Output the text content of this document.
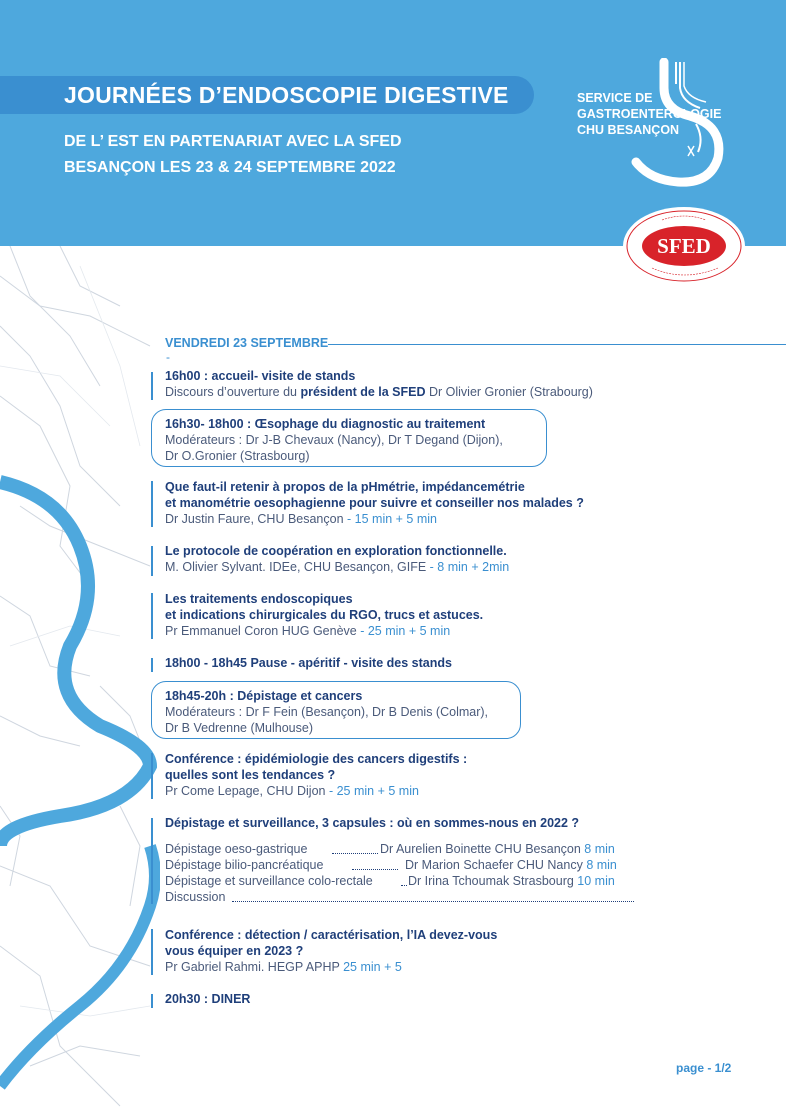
JOURNÉES D’ENDOSCOPIE DIGESTIVE
DE L’ EST EN PARTENARIAT AVEC LA SFED
BESANÇON LES 23 & 24 SEPTEMBRE 2022
SERVICE DE
GASTROENTEROLOGIE
CHU BESANÇON
SFED
VENDREDI 23 SEPTEMBRE
-
16h00 : accueil- visite de stands
Discours d’ouverture du président de la SFED Dr Olivier Gronier (Strabourg)
16h30- 18h00 : Œsophage du diagnostic au traitement
Modérateurs : Dr J-B Chevaux (Nancy), Dr T Degand (Dijon),
Dr O.Gronier (Strasbourg)
Que faut-il retenir à propos de la pHmétrie, impédancemétrie
et manométrie oesophagienne pour suivre et conseiller nos malades ?
Dr Justin Faure, CHU Besançon - 15 min + 5 min
Le protocole de coopération en exploration fonctionnelle.
M. Olivier Sylvant. IDEe, CHU Besançon, GIFE - 8 min + 2min
Les traitements endoscopiques
et indications chirurgicales du RGO, trucs et astuces.
Pr Emmanuel Coron HUG Genève - 25 min + 5 min
18h00 - 18h45 Pause - apéritif - visite des stands
18h45-20h : Dépistage et cancers
Modérateurs : Dr F Fein (Besançon), Dr B Denis (Colmar),
Dr B Vedrenne (Mulhouse)
Conférence : épidémiologie des cancers digestifs :
quelles sont les tendances ?
Pr Come Lepage, CHU Dijon - 25 min + 5 min
Dépistage et surveillance, 3 capsules : où en sommes-nous en 2022 ?
Dépistage oeso-gastrique	Dr Aurelien Boinette CHU Besançon 8 min
Dépistage bilio-pancréatique	Dr Marion Schaefer CHU Nancy 8 min
Dépistage et surveillance colo-rectale	Dr Irina Tchoumak Strasbourg 10 min
Discussion
Conférence : détection / caractérisation, l’IA devez-vous
vous équiper en 2023 ?
Pr Gabriel Rahmi. HEGP APHP 25 min + 5
20h30 : DINER
page - 1/2
